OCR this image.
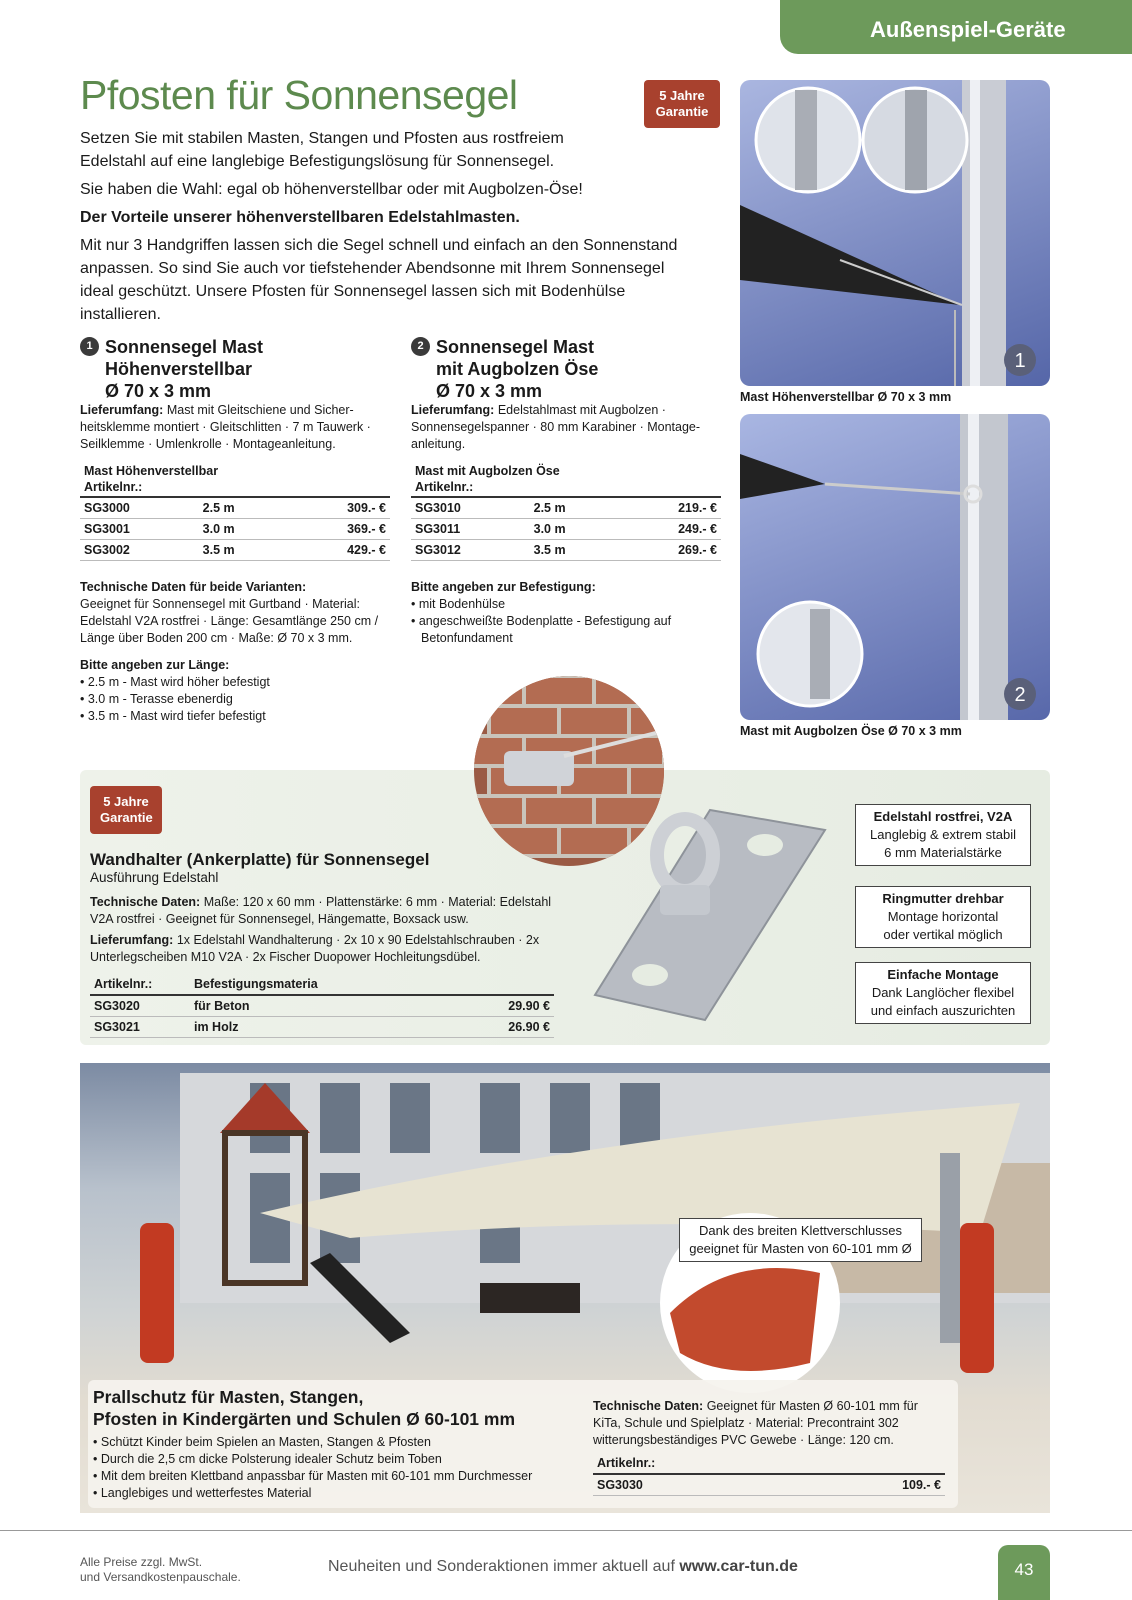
Außenspiel-Geräte
Pfosten für Sonnensegel	5 Jahre
Garantie

Setzen Sie mit stabilen Masten, Stangen und Pfosten aus rostfreiem Edelstahl auf eine langlebige Befestigungslösung für Sonnensegel.

Sie haben die Wahl: egal ob höhenverstellbar oder mit Augbolzen-Öse!

Der Vorteile unserer höhenverstellbaren Edelstahlmasten.

Mit nur 3 Handgriffen lassen sich die Segel schnell und einfach an den Sonnenstand anpassen. So sind Sie auch vor tiefstehender Abendsonne mit Ihrem Sonnensegel ideal geschützt. Unsere Pfosten für Sonnensegel lassen sich mit Bodenhülse installieren.

1 Sonnensegel Mast
Höhenverstellbar
Ø 70 x 3 mm
Lieferumfang: Mast mit Gleitschiene und Sicher-heitsklemme montiert · Gleitschlitten · 7 m Tauwerk · Seilklemme · Umlenkrolle · Montageanleitung.
Mast Höhenverstellbar
Artikelnr.:		

SG3000	2.5 m	309.- €
SG3001	3.0 m	369.- €
SG3002	3.5 m	429.- €
Technische Daten für beide Varianten:
Geeignet für Sonnensegel mit Gurtband · Material: Edelstahl V2A rostfrei · Länge: Gesamtlänge 250 cm / Länge über Boden 200 cm · Maße: Ø 70 x 3 mm.
Bitte angeben zur Länge:
• 2.5 m - Mast wird höher befestigt
• 3.0 m - Terasse ebenerdig
• 3.5 m - Mast wird tiefer befestigt
2 Sonnensegel Mast
mit Augbolzen Öse
Ø 70 x 3 mm
Lieferumfang: Edelstahlmast mit Augbolzen · Sonnensegelspanner · 80 mm Karabiner · Montage-anleitung.
Mast mit Augbolzen Öse
Artikelnr.:		

SG3010	2.5 m	219.- €
SG3011	3.0 m	249.- €
SG3012	3.5 m	269.- €
Bitte angeben zur Befestigung:
• mit Bodenhülse
• angeschweißte Bodenplatte - Befestigung auf Betonfundament
1
Mast Höhenverstellbar Ø 70 x 3 mm
2
Mast mit Augbolzen Öse Ø 70 x 3 mm
5 Jahre
Garantie
Wandhalter (Ankerplatte) für Sonnensegel
Ausführung Edelstahl
Technische Daten: Maße: 120 x 60 mm · Plattenstärke: 6 mm · Material: Edelstahl V2A rostfrei · Geeignet für Sonnensegel, Hängematte, Boxsack usw.
Lieferumfang: 1x Edelstahl Wandhalterung · 2x 10 x 90 Edelstahlschrauben · 2x Unterlegscheiben M10 V2A · 2x Fischer Duopower Hochleitungsdübel.
Artikelnr.:	Befestigungsmateria	
SG3020	für Beton	29.90 €
SG3021	im Holz	26.90 €
Edelstahl rostfrei, V2A
Langlebig & extrem stabil
6 mm Materialstärke
Ringmutter drehbar
Montage horizontal
oder vertikal möglich
Einfache Montage
Dank Langlöcher flexibel
und einfach auszurichten
Dank des breiten Klettverschlusses
geeignet für Masten von 60-101 mm Ø
Prallschutz für Masten, Stangen,
Pfosten in Kindergärten und Schulen Ø 60-101 mm
• Schützt Kinder beim Spielen an Masten, Stangen & Pfosten
• Durch die 2,5 cm dicke Polsterung idealer Schutz beim Toben
• Mit dem breiten Klettband anpassbar für Masten mit 60-101 mm Durchmesser
• Langlebiges und wetterfestes Material
Technische Daten: Geeignet für Masten Ø 60-101 mm für KiTa, Schule und Spielplatz · Material: Precontraint 302 witterungsbeständiges PVC Gewebe · Länge: 120 cm.
Artikelnr.:
SG3030	109.- €
Alle Preise zzgl. MwSt.
und Versandkostenpauschale.
Neuheiten und Sonderaktionen immer aktuell auf www.car-tun.de	43
